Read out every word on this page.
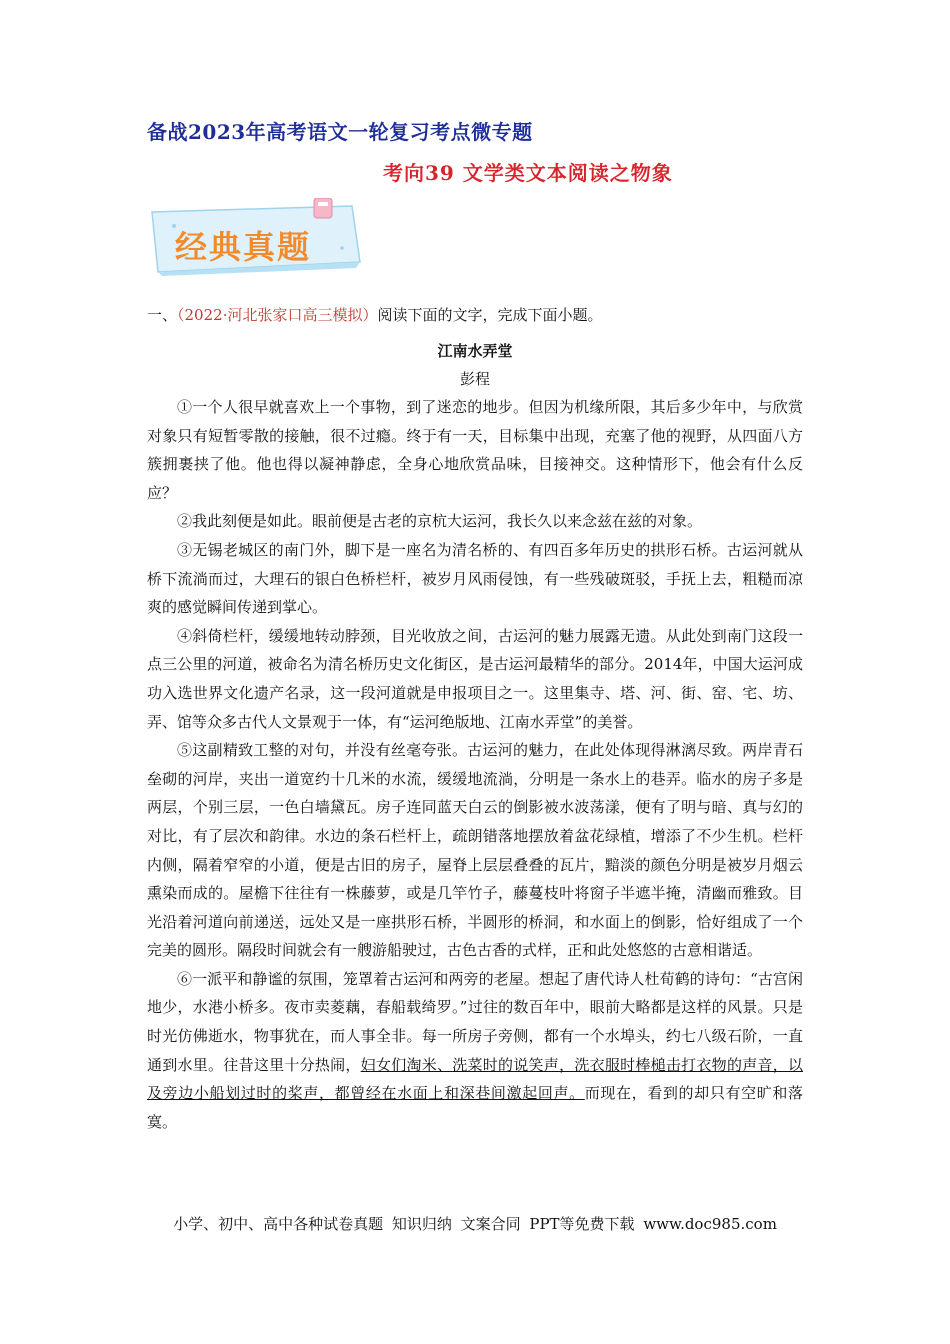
备战2023年高考语文一轮复习考点微专题
考向39 文学类文本阅读之物象
经典真题
一、（2022·河北张家口高三模拟）阅读下面的文字，完成下面小题。
江南水弄堂
彭程

①一个人很早就喜欢上一个事物，到了迷恋的地步。但因为机缘所限，其后多少年中，与欣赏对象只有短暂零散的接触，很不过瘾。终于有一天，目标集中出现，充塞了他的视野，从四面八方簇拥裹挟了他。他也得以凝神静虑，全身心地欣赏品味，目接神交。这种情形下，他会有什么反应？

②我此刻便是如此。眼前便是古老的京杭大运河，我长久以来念兹在兹的对象。

③无锡老城区的南门外，脚下是一座名为清名桥的、有四百多年历史的拱形石桥。古运河就从桥下流淌而过，大理石的银白色桥栏杆，被岁月风雨侵蚀，有一些残破斑驳，手抚上去，粗糙而凉爽的感觉瞬间传递到掌心。

④斜倚栏杆，缓缓地转动脖颈，目光收放之间，古运河的魅力展露无遗。从此处到南门这段一点三公里的河道，被命名为清名桥历史文化街区，是古运河最精华的部分。2014年，中国大运河成功入选世界文化遗产名录，这一段河道就是申报项目之一。这里集寺、塔、河、街、窑、宅、坊、弄、馆等众多古代人文景观于一体，有“运河绝版地、江南水弄堂”的美誉。

⑤这副精致工整的对句，并没有丝毫夸张。古运河的魅力，在此处体现得淋漓尽致。两岸青石垒砌的河岸，夹出一道宽约十几米的水流，缓缓地流淌，分明是一条水上的巷弄。临水的房子多是两层，个别三层，一色白墙黛瓦。房子连同蓝天白云的倒影被水波荡漾，便有了明与暗、真与幻的对比，有了层次和韵律。水边的条石栏杆上，疏朗错落地摆放着盆花绿植，增添了不少生机。栏杆内侧，隔着窄窄的小道，便是古旧的房子，屋脊上层层叠叠的瓦片，黯淡的颜色分明是被岁月烟云熏染而成的。屋檐下往往有一株藤萝，或是几竿竹子，藤蔓枝叶将窗子半遮半掩，清幽而雅致。目光沿着河道向前递送，远处又是一座拱形石桥，半圆形的桥洞，和水面上的倒影，恰好组成了一个完美的圆形。隔段时间就会有一艘游船驶过，古色古香的式样，正和此处悠悠的古意相谐适。

⑥一派平和静谧的氛围，笼罩着古运河和两旁的老屋。想起了唐代诗人杜荀鹤的诗句：“古宫闲地少，水港小桥多。夜市卖菱藕，春船载绮罗。”过往的数百年中，眼前大略都是这样的风景。只是时光仿佛逝水，物事犹在，而人事全非。每一所房子旁侧，都有一个水埠头，约七八级石阶，一直通到水里。往昔这里十分热闹，妇女们淘米、洗菜时的说笑声，洗衣服时棒槌击打衣物的声音，以及旁边小船划过时的桨声，都曾经在水面上和深巷间激起回声。而现在，看到的却只有空旷和落寞。

小学、初中、高中各种试卷真题 知识归纳 文案合同 PPT等免费下载 www.doc985.com
